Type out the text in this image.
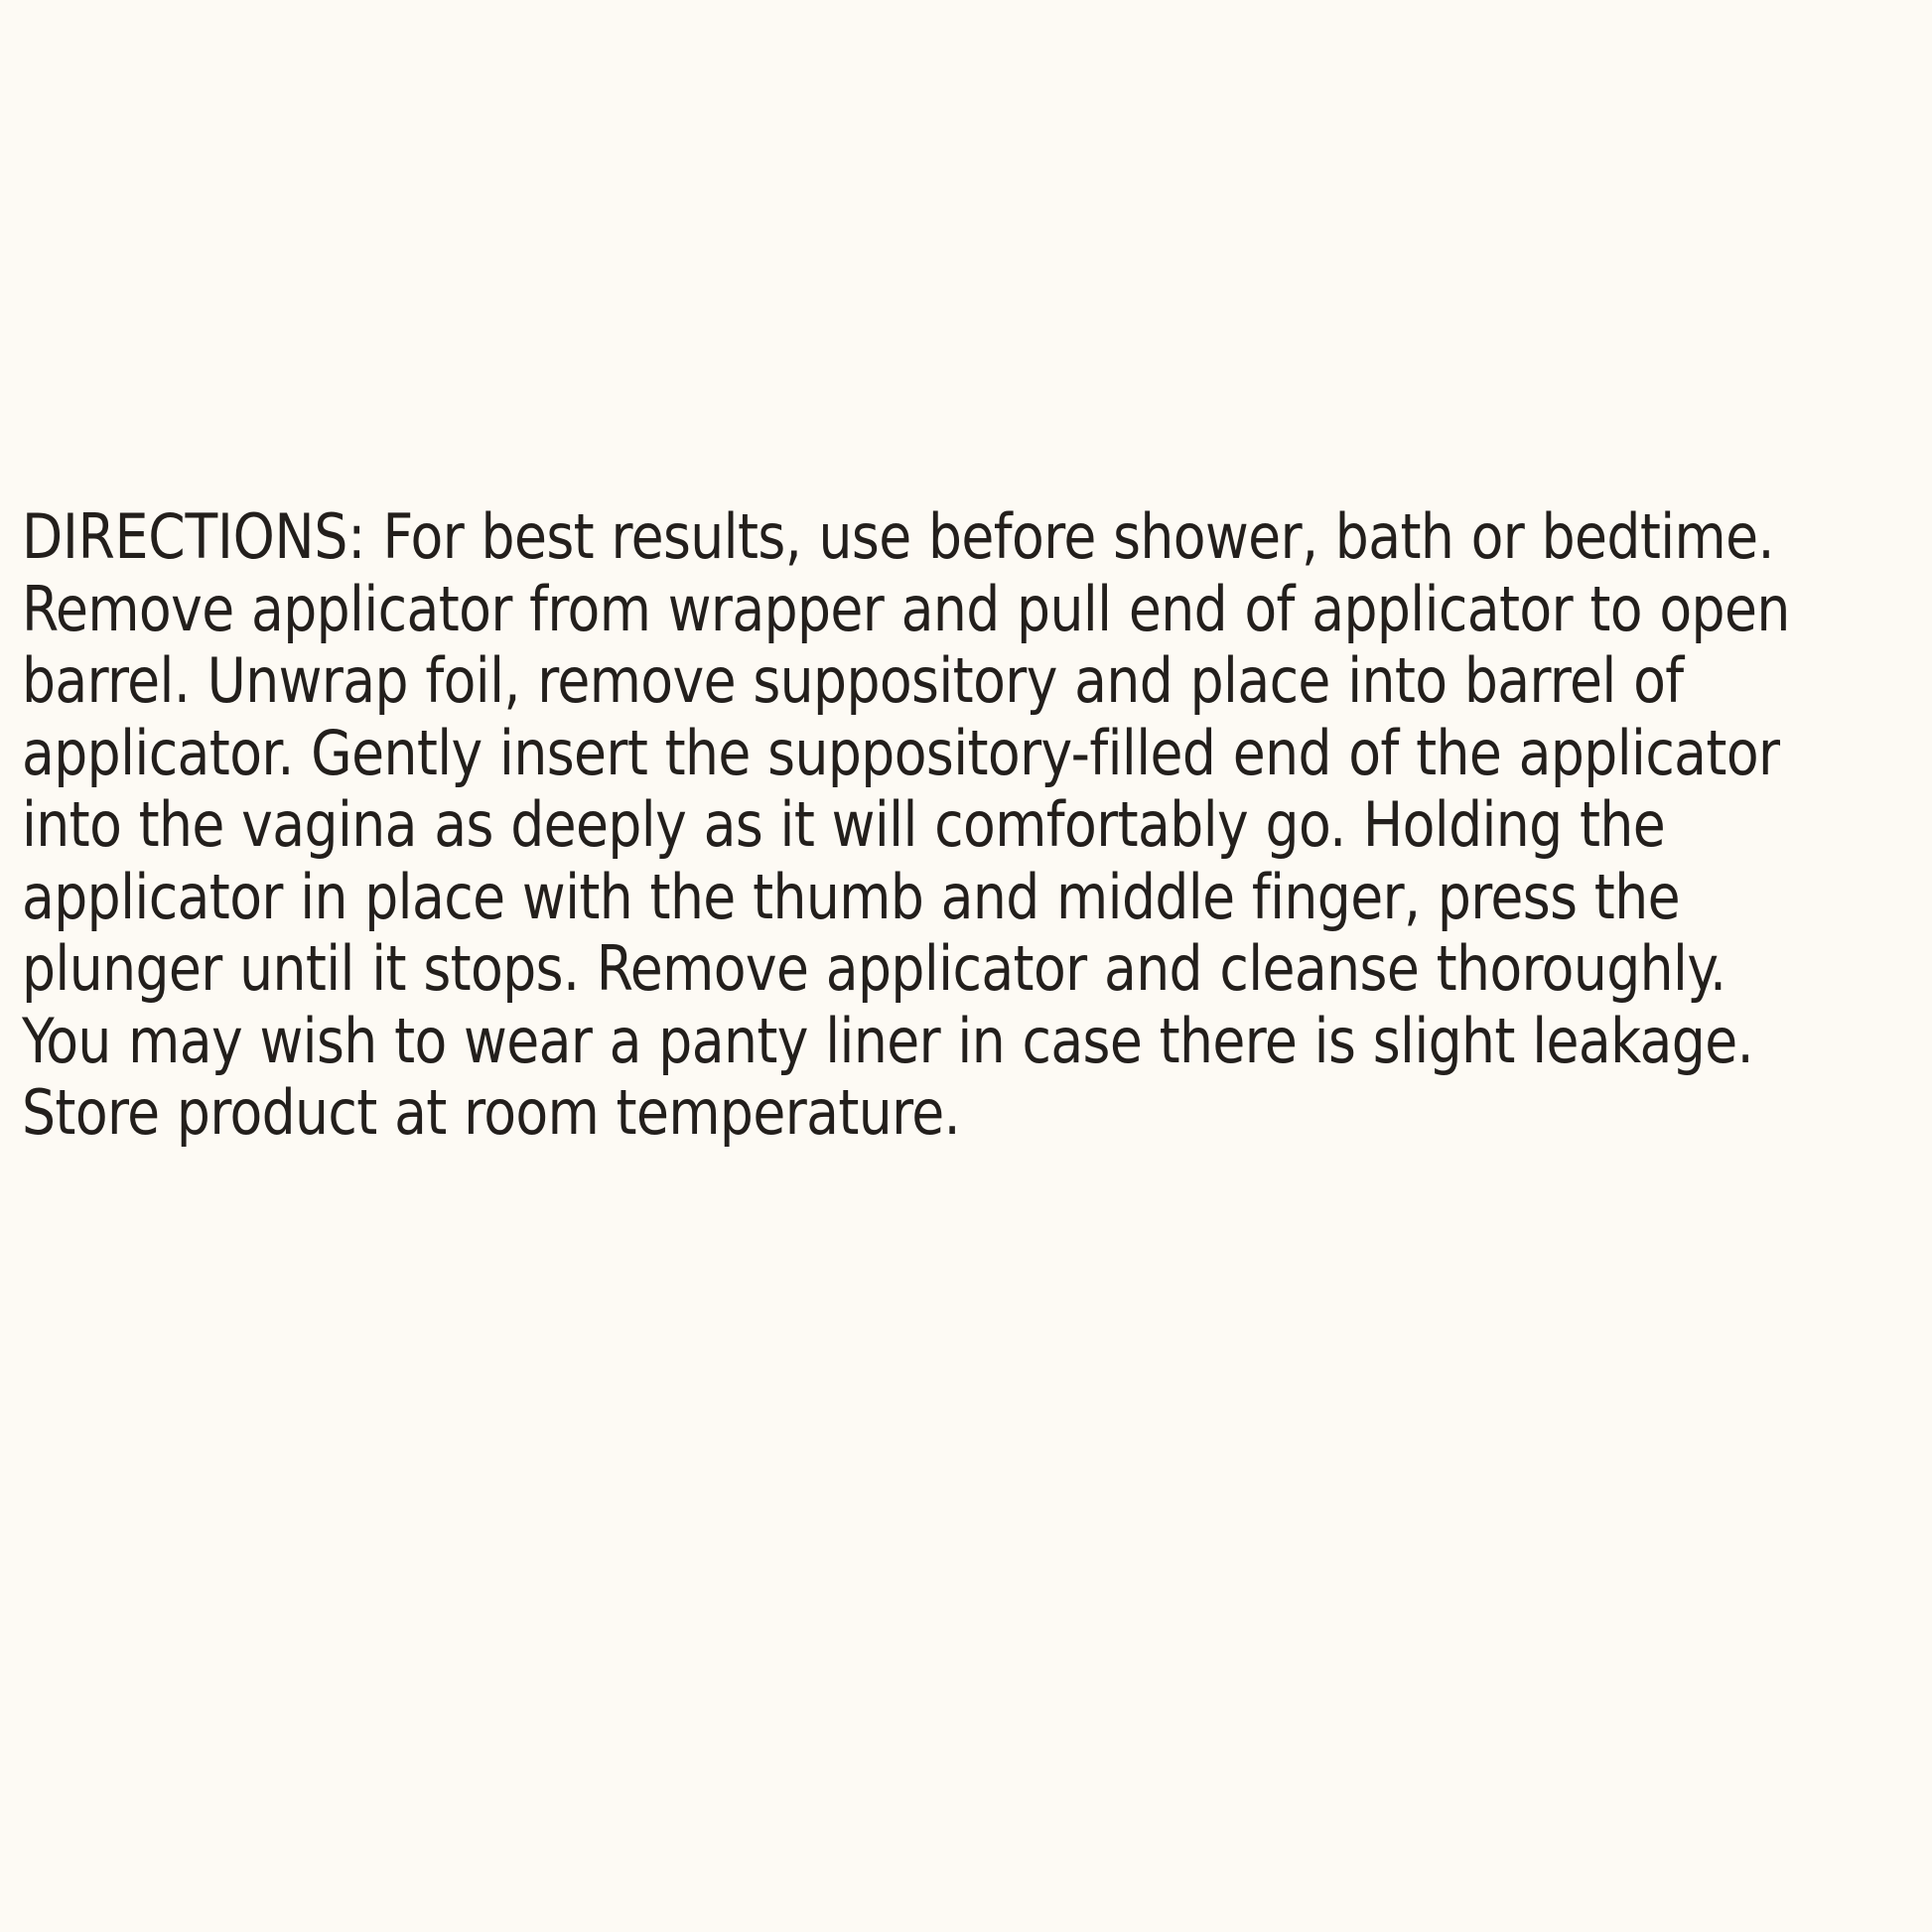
DIRECTIONS: For best results, use before shower, bath or bedtime. Remove applicator from wrapper and pull end of applicator to open barrel. Unwrap foil, remove suppository and place into barrel of applicator. Gently insert the suppository-filled end of the applicator into the vagina as deeply as it will comfortably go. Holding the applicator in place with the thumb and middle finger, press the plunger until it stops. Remove applicator and cleanse thoroughly. You may wish to wear a panty liner in case there is slight leakage. Store product at room temperature.
